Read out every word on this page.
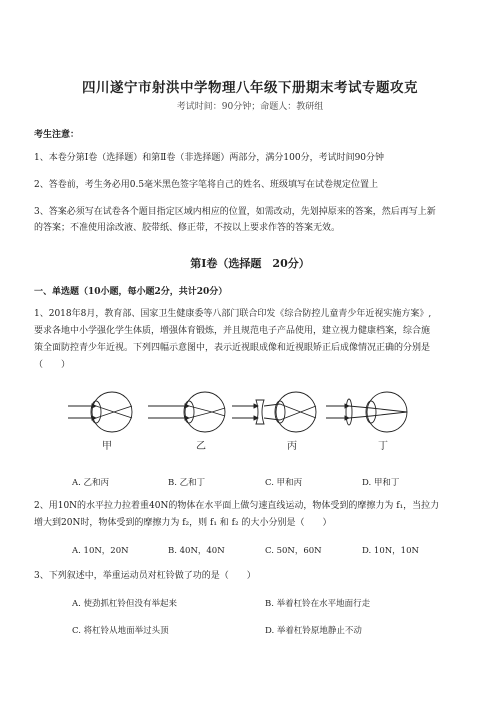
四川遂宁市射洪中学物理八年级下册期末考试专题攻克
考试时间：90分钟；命题人：教研组
考生注意：
1、本卷分第Ⅰ卷（选择题）和第Ⅱ卷（非选择题）两部分，满分100分，考试时间90分钟
2、答卷前，考生务必用0.5毫米黑色签字笔将自己的姓名、班级填写在试卷规定位置上
3、答案必须写在试卷各个题目指定区域内相应的位置，如需改动，先划掉原来的答案，然后再写上新
的答案；不准使用涂改液、胶带纸、修正带，不按以上要求作答的答案无效。
第Ⅰ卷（选择题　20分）
一、单选题（10小题，每小题2分，共计20分）
1、2018年8月，教育部、国家卫生健康委等八部门联合印发《综合防控儿童青少年近视实施方案》,
要求各地中小学强化学生体质，增强体育锻炼，并且规范电子产品使用，建立视力健康档案，综合施
策全面防控青少年近视。下列四幅示意图中，表示近视眼成像和近视眼矫正后成像情况正确的分别是
（　　）
甲	乙	丙	丁
A. 乙和丙	B. 乙和丁	C. 甲和丙	D. 甲和丁
2、用10N的水平拉力拉着重40N的物体在水平面上做匀速直线运动，物体受到的摩擦力为 f₁，当拉力
增大到20N时，物体受到的摩擦力为 f₂，则 f₁ 和 f₂ 的大小分别是（　　）
A. 10N，20N	B. 40N，40N	C. 50N，60N	D. 10N，10N
3、下列叙述中，举重运动员对杠铃做了功的是（　　）
A. 使劲抓杠铃但没有举起来	B. 举着杠铃在水平地面行走
C. 将杠铃从地面举过头顶	D. 举着杠铃原地静止不动
